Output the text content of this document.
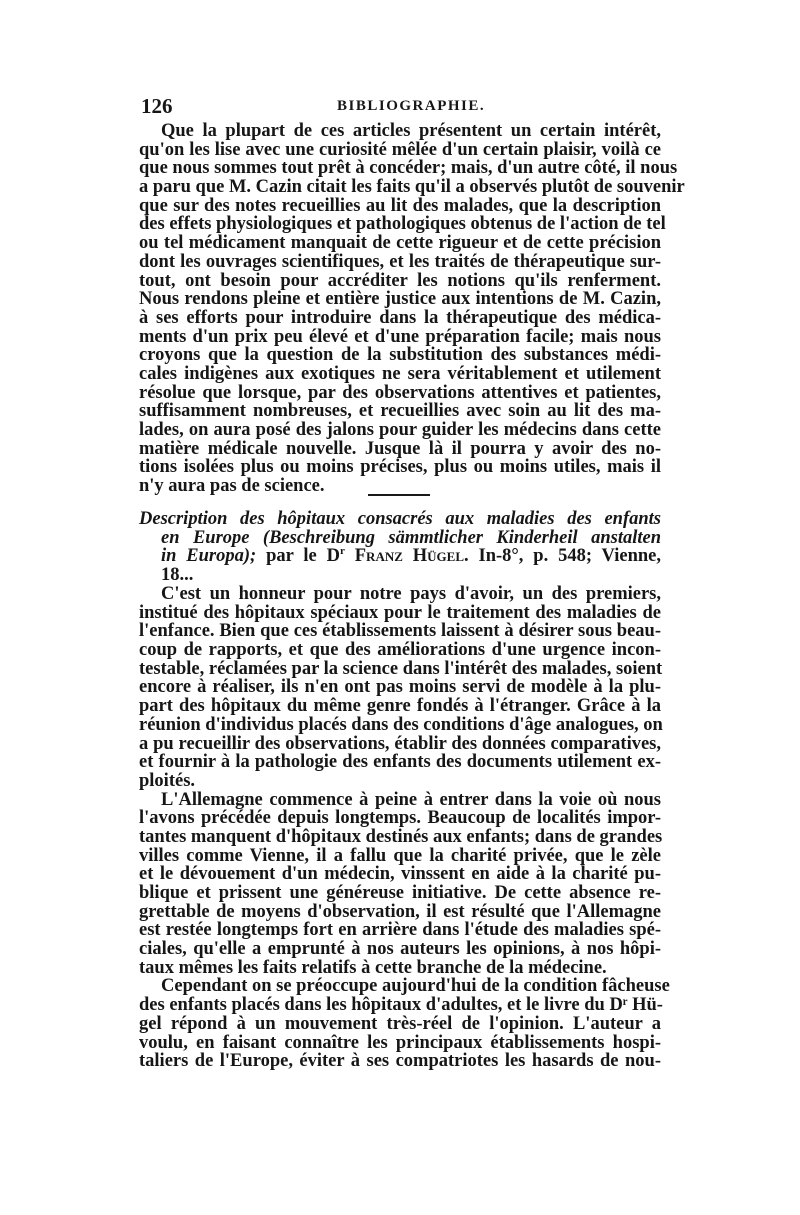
126	BIBLIOGRAPHIE.
Que la plupart de ces articles présentent un certain intérêt,
qu'on les lise avec une curiosité mêlée d'un certain plaisir, voilà ce
que nous sommes tout prêt à concéder; mais, d'un autre côté, il nous
a paru que M. Cazin citait les faits qu'il a observés plutôt de souvenir
que sur des notes recueillies au lit des malades, que la description
des effets physiologiques et pathologiques obtenus de l'action de tel
ou tel médicament manquait de cette rigueur et de cette précision
dont les ouvrages scientifiques, et les traités de thérapeutique sur-
tout, ont besoin pour accréditer les notions qu'ils renferment.
Nous rendons pleine et entière justice aux intentions de M. Cazin,
à ses efforts pour introduire dans la thérapeutique des médica-
ments d'un prix peu élevé et d'une préparation facile; mais nous
croyons que la question de la substitution des substances médi-
cales indigènes aux exotiques ne sera véritablement et utilement
résolue que lorsque, par des observations attentives et patientes,
suffisamment nombreuses, et recueillies avec soin au lit des ma-
lades, on aura posé des jalons pour guider les médecins dans cette
matière médicale nouvelle. Jusque là il pourra y avoir des no-
tions isolées plus ou moins précises, plus ou moins utiles, mais il
n'y aura pas de science.
Description des hôpitaux consacrés aux maladies des enfants
en Europe (Beschreibung sämmtlicher Kinderheil anstalten
in Europa); par le $D^r$ Franz Hügel. In-8°, p. 548; Vienne,
18...
C'est un honneur pour notre pays d'avoir, un des premiers,
institué des hôpitaux spéciaux pour le traitement des maladies de
l'enfance. Bien que ces établissements laissent à désirer sous beau-
coup de rapports, et que des améliorations d'une urgence incon-
testable, réclamées par la science dans l'intérêt des malades, soient
encore à réaliser, ils n'en ont pas moins servi de modèle à la plu-
part des hôpitaux du même genre fondés à l'étranger. Grâce à la
réunion d'individus placés dans des conditions d'âge analogues, on
a pu recueillir des observations, établir des données comparatives,
et fournir à la pathologie des enfants des documents utilement ex-
ploités.
L'Allemagne commence à peine à entrer dans la voie où nous
l'avons précédée depuis longtemps. Beaucoup de localités impor-
tantes manquent d'hôpitaux destinés aux enfants; dans de grandes
villes comme Vienne, il a fallu que la charité privée, que le zèle
et le dévouement d'un médecin, vinssent en aide à la charité pu-
blique et prissent une généreuse initiative. De cette absence re-
grettable de moyens d'observation, il est résulté que l'Allemagne
est restée longtemps fort en arrière dans l'étude des maladies spé-
ciales, qu'elle a emprunté à nos auteurs les opinions, à nos hôpi-
taux mêmes les faits relatifs à cette branche de la médecine.
Cependant on se préoccupe aujourd'hui de la condition fâcheuse
des enfants placés dans les hôpitaux d'adultes, et le livre du Dʳ Hü-
gel répond à un mouvement très-réel de l'opinion. L'auteur a
voulu, en faisant connaître les principaux établissements hospi-
taliers de l'Europe, éviter à ses compatriotes les hasards de nou-
